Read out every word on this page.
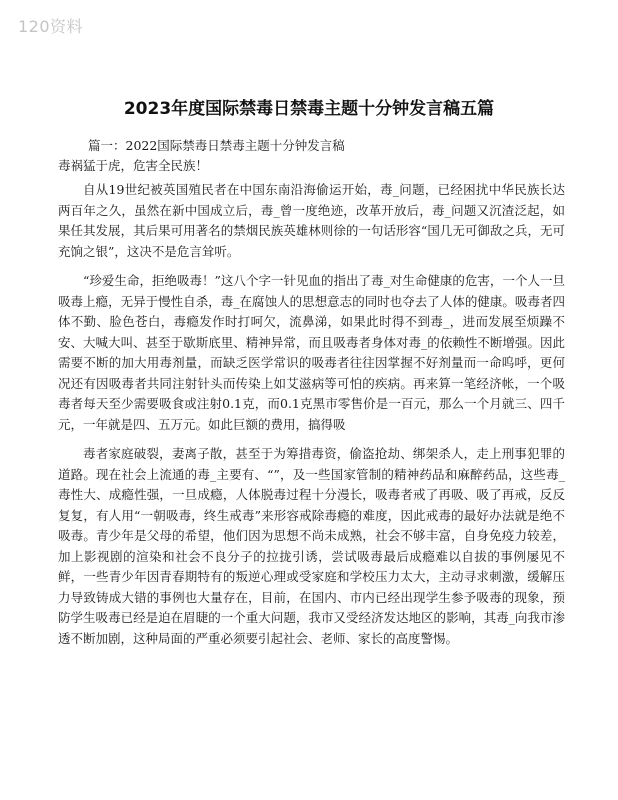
120资料
2023年度国际禁毒日禁毒主题十分钟发言稿五篇

篇一：2022国际禁毒日禁毒主题十分钟发言稿

毒祸猛于虎，危害全民族！

自从19世纪被英国殖民者在中国东南沿海偷运开始，毒_问题，已经困扰中华民族长达两百年之久，虽然在新中国成立后，毒_曾一度绝迹，改革开放后，毒_问题又沉渣泛起，如果任其发展，其后果可用著名的禁烟民族英雄林则徐的一句话形容“国几无可御敌之兵，无可充饷之银”，这决不是危言耸听。

“珍爱生命，拒绝吸毒！”这八个字一针见血的指出了毒_对生命健康的危害，一个人一旦吸毒上瘾，无异于慢性自杀，毒_在腐蚀人的思想意志的同时也夺去了人体的健康。吸毒者四体不勤、脸色苍白，毒瘾发作时打呵欠，流鼻涕，如果此时得不到毒_，进而发展至烦躁不安、大喊大叫、甚至于歇斯底里、精神异常，而且吸毒者身体对毒_的依赖性不断增强。因此需要不断的加大用毒剂量，而缺乏医学常识的吸毒者往往因掌握不好剂量而一命呜呼，更何况还有因吸毒者共同注射针头而传染上如艾滋病等可怕的疾病。再来算一笔经济帐，一个吸毒者每天至少需要吸食或注射0.1克，而0.1克黑市零售价是一百元，那么一个月就三、四千元，一年就是四、五万元。如此巨额的费用，搞得吸

毒者家庭破裂，妻离子散，甚至于为筹措毒资，偷盗抢劫、绑架杀人，走上刑事犯罪的道路。现在社会上流通的毒_主要有、“”，及一些国家管制的精神药品和麻醉药品，这些毒_毒性大、成瘾性强，一旦成瘾，人体脱毒过程十分漫长，吸毒者戒了再吸、吸了再戒，反反复复，有人用“一朝吸毒，终生戒毒”来形容戒除毒瘾的难度，因此戒毒的最好办法就是绝不吸毒。青少年是父母的希望，他们因为思想不尚未成熟，社会不够丰富，自身免疫力较差，加上影视剧的渲染和社会不良分子的拉拢引诱，尝试吸毒最后成瘾难以自拔的事例屡见不鲜，一些青少年因青春期特有的叛逆心理或受家庭和学校压力太大，主动寻求刺激，缓解压力导致铸成大错的事例也大量存在，目前，在国内、市内已经出现学生参予吸毒的现象，预防学生吸毒已经是迫在眉睫的一个重大问题，我市又受经济发达地区的影响，其毒_向我市渗透不断加剧，这种局面的严重必须要引起社会、老师、家长的高度警惕。
